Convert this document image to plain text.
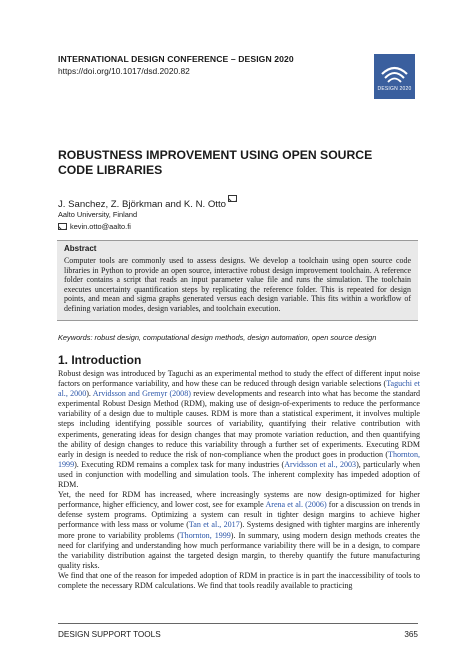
INTERNATIONAL DESIGN CONFERENCE – DESIGN 2020
https://doi.org/10.1017/dsd.2020.82
DESIGN 2020
ROBUSTNESS IMPROVEMENT USING OPEN SOURCE CODE LIBRARIES
J. Sanchez, Z. Björkman and K. N. Otto
Aalto University, Finland
kevin.otto@aalto.fi
Abstract
Computer tools are commonly used to assess designs. We develop a toolchain using open source code libraries in Python to provide an open source, interactive robust design improvement toolchain. A reference folder contains a script that reads an input parameter value file and runs the simulation. The toolchain executes uncertainty quantification steps by replicating the reference folder. This is repeated for design points, and mean and sigma graphs generated versus each design variable. This fits within a workflow of defining variation modes, design variables, and toolchain execution.
Keywords: robust design, computational design methods, design automation, open source design
1. Introduction

Robust design was introduced by Taguchi as an experimental method to study the effect of different input noise factors on performance variability, and how these can be reduced through design variable selections (Taguchi et al., 2000). Arvidsson and Gremyr (2008) review developments and research into what has become the standard experimental Robust Design Method (RDM), making use of design-of-experiments to reduce the performance variability of a design due to multiple causes. RDM is more than a statistical experiment, it involves multiple steps including identifying possible sources of variability, quantifying their relative contribution with experiments, generating ideas for design changes that may promote variation reduction, and then quantifying the ability of design changes to reduce this variability through a further set of experiments. Executing RDM early in design is needed to reduce the risk of non-compliance when the product goes in production (Thornton, 1999). Executing RDM remains a complex task for many industries (Arvidsson et al., 2003), particularly when used in conjunction with modelling and simulation tools. The inherent complexity has impeded adoption of RDM.

Yet, the need for RDM has increased, where increasingly systems are now design-optimized for higher performance, higher efficiency, and lower cost, see for example Arena et al. (2006) for a discussion on trends in defense system programs. Optimizing a system can result in tighter design margins to achieve higher performance with less mass or volume (Tan et al., 2017). Systems designed with tighter margins are inherently more prone to variability problems (Thornton, 1999). In summary, using modern design methods creates the need for clarifying and understanding how much performance variability there will be in a design, to compare the variability distribution against the targeted design margin, to thereby quantify the future manufacturing quality risks.

We find that one of the reason for impeded adoption of RDM in practice is in part the inaccessibility of tools to complete the necessary RDM calculations. We find that tools readily available to practicing

DESIGN SUPPORT TOOLS	365
